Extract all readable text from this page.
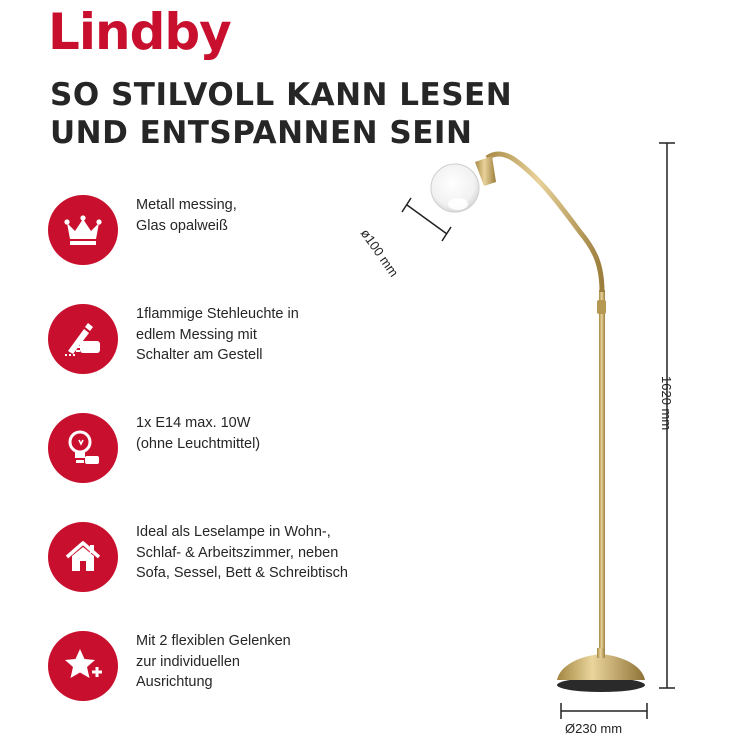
Lindby
SO STILVOLL KANN LESEN
UND ENTSPANNEN SEIN
Metall messing,
Glas opalweiß
1flammige Stehleuchte in
edlem Messing mit
Schalter am Gestell
1x E14 max. 10W
(ohne Leuchtmittel)
Ideal als Leselampe in Wohn-,
Schlaf- & Arbeitszimmer, neben
Sofa, Sessel, Bett & Schreibtisch
Mit 2 flexiblen Gelenken
zur individuellen
Ausrichtung
ø100 mm
1620 mm
Ø230 mm
